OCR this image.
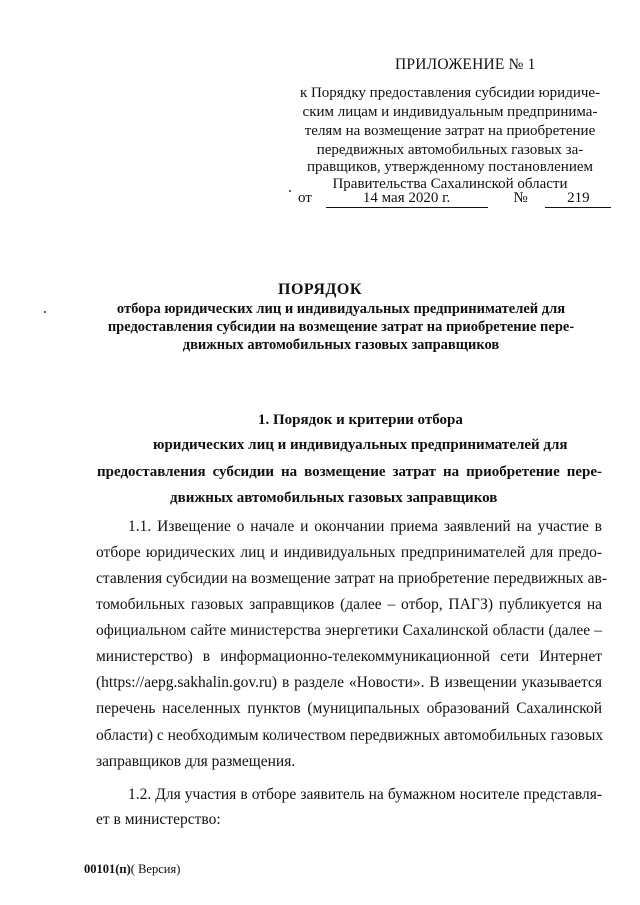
ПРИЛОЖЕНИЕ № 1
к Порядку предоставления субсидии юридиче-
ским лицам и индивидуальным предпринима-
телям на возмещение затрат на приобретение
передвижных автомобильных газовых за-
правщиков, утвержденному постановлением
Правительства Сахалинской области
от	14 мая 2020 г.	№	219
ПОРЯДОК
отбора юридических лиц и индивидуальных предпринимателей для
предоставления субсидии на возмещение затрат на приобретение пере-
движных автомобильных газовых заправщиков
1. Порядок и критерии отбора
юридических лиц и индивидуальных предпринимателей для
предоставления субсидии на возмещение затрат на приобретение пере-
движных автомобильных газовых заправщиков
1.1. Извещение о начале и окончании приема заявлений на участие в
отборе юридических лиц и индивидуальных предпринимателей для предо-
ставления субсидии на возмещение затрат на приобретение передвижных ав-
томобильных газовых заправщиков (далее – отбор, ПАГЗ) публикуется на
официальном сайте министерства энергетики Сахалинской области (далее –
министерство) в информационно-телекоммуникационной сети Интернет
(https://aepg.sakhalin.gov.ru) в разделе «Новости». В извещении указывается
перечень населенных пунктов (муниципальных образований Сахалинской
области) с необходимым количеством передвижных автомобильных газовых
заправщиков для размещения.
1.2. Для участия в отборе заявитель на бумажном носителе представля-
ет в министерство:
00101(п)( Версия)
